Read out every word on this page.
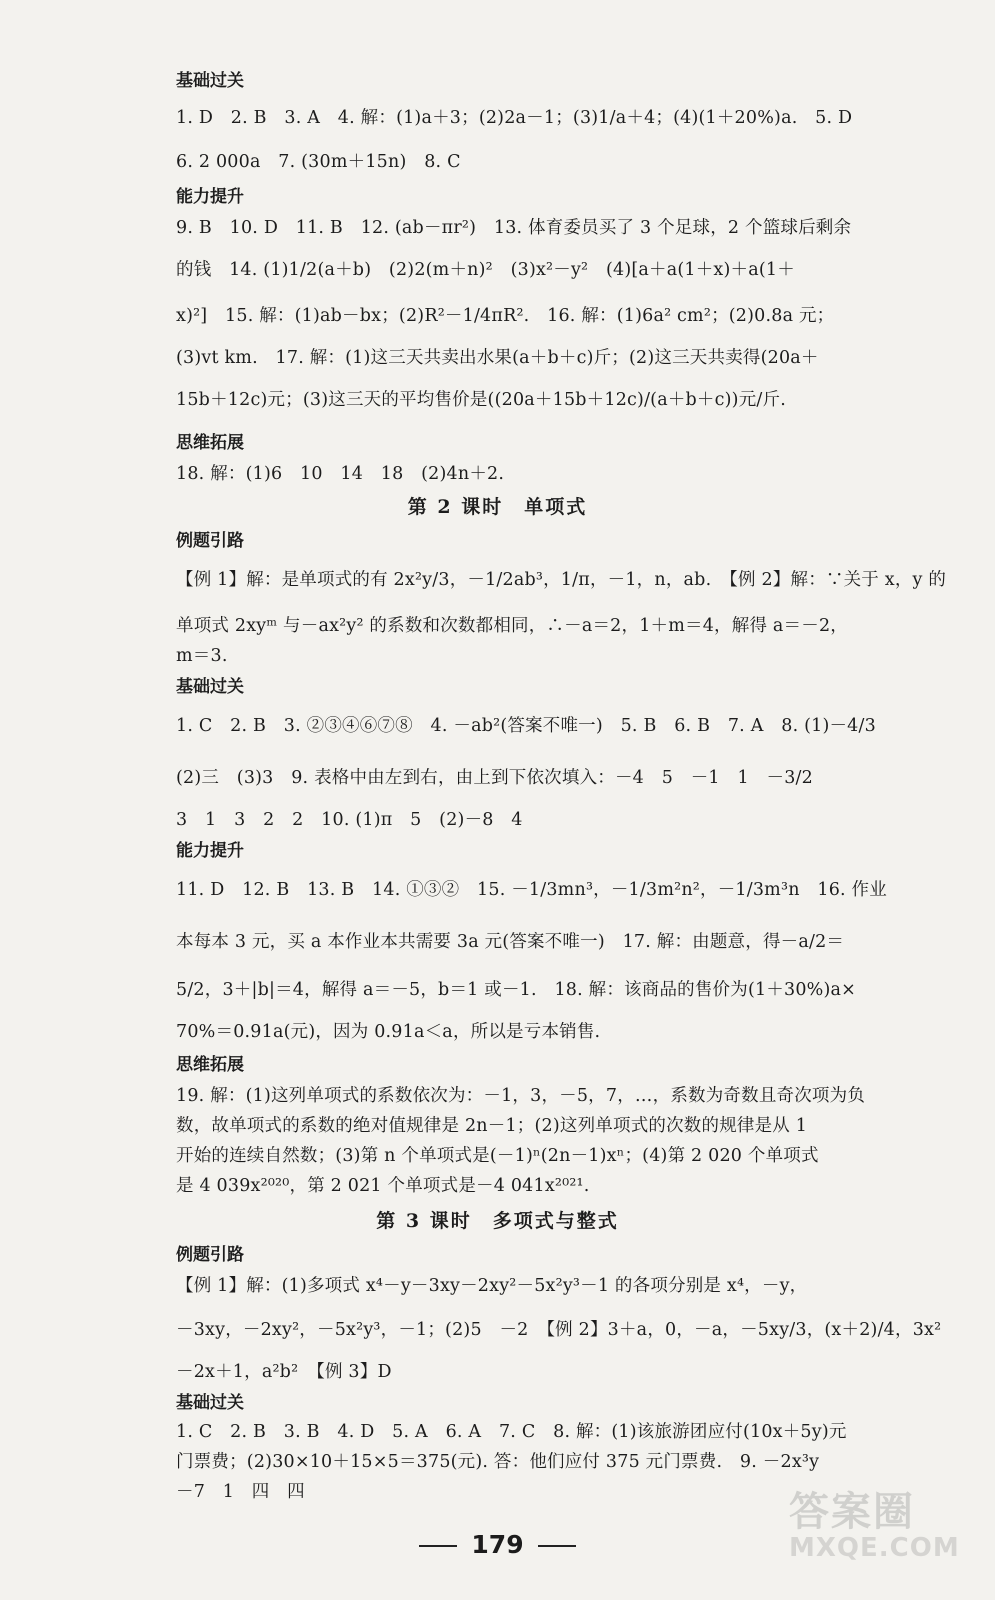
基础过关
1. D　2. B　3. A　4. 解：(1)a＋3；(2)2a－1；(3)1/a＋4；(4)(1＋20%)a.　5. D
6. 2 000a　7. (30m＋15n)　8. C
能力提升
9. B　10. D　11. B　12. (ab－πr²)　13. 体育委员买了 3 个足球，2 个篮球后剩余
的钱　14. (1)1/2(a＋b)　(2)2(m＋n)²　(3)x²－y²　(4)[a＋a(1＋x)＋a(1＋
x)²]　15. 解：(1)ab－bx；(2)R²－1/4πR².　16. 解：(1)6a² cm²；(2)0.8a 元；
(3)vt km.　17. 解：(1)这三天共卖出水果(a＋b＋c)斤；(2)这三天共卖得(20a＋
15b＋12c)元；(3)这三天的平均售价是((20a＋15b＋12c)/(a＋b＋c))元/斤.
思维拓展
18. 解：(1)6　10　14　18　(2)4n＋2.
第 2 课时　单项式
例题引路
【例 1】解：是单项式的有 2x²y/3，－1/2ab³，1/π，－1，n，ab.　【例 2】解：∵关于 x，y 的
单项式 2xyᵐ 与－ax²y² 的系数和次数都相同，∴－a＝2，1＋m＝4，解得 a＝－2，
m＝3.
基础过关
1. C　2. B　3. ②③④⑥⑦⑧　4. －ab²(答案不唯一)　5. B　6. B　7. A　8. (1)－4/3
(2)三　(3)3　9. 表格中由左到右，由上到下依次填入：－4　5　－1　1　－3/2
3　1　3　2　2　10. (1)π　5　(2)－8　4
能力提升
11. D　12. B　13. B　14. ①③②　15. －1/3mn³，－1/3m²n²，－1/3m³n　16. 作业
本每本 3 元，买 a 本作业本共需要 3a 元(答案不唯一)　17. 解：由题意，得－a/2＝
5/2，3＋|b|＝4，解得 a＝－5，b＝1 或－1.　18. 解：该商品的售价为(1＋30%)a×
70%＝0.91a(元)，因为 0.91a＜a，所以是亏本销售.
思维拓展
19. 解：(1)这列单项式的系数依次为：－1，3，－5，7，…，系数为奇数且奇次项为负
数，故单项式的系数的绝对值规律是 2n－1；(2)这列单项式的次数的规律是从 1
开始的连续自然数；(3)第 n 个单项式是(－1)ⁿ(2n－1)xⁿ；(4)第 2 020 个单项式
是 4 039x²⁰²⁰，第 2 021 个单项式是－4 041x²⁰²¹.
第 3 课时　多项式与整式
例题引路
【例 1】解：(1)多项式 x⁴－y－3xy－2xy²－5x²y³－1 的各项分别是 x⁴，－y，
－3xy，－2xy²，－5x²y³，－1；(2)5　－2　【例 2】3＋a，0，－a，－5xy/3，(x＋2)/4，3x²
－2x＋1，a²b²　【例 3】D
基础过关
1. C　2. B　3. B　4. D　5. A　6. A　7. C　8. 解：(1)该旅游团应付(10x＋5y)元
门票费；(2)30×10＋15×5＝375(元). 答：他们应付 375 元门票费.　9. －2x³y
－7　1　四　四
179
答案圈
MXQE.COM
